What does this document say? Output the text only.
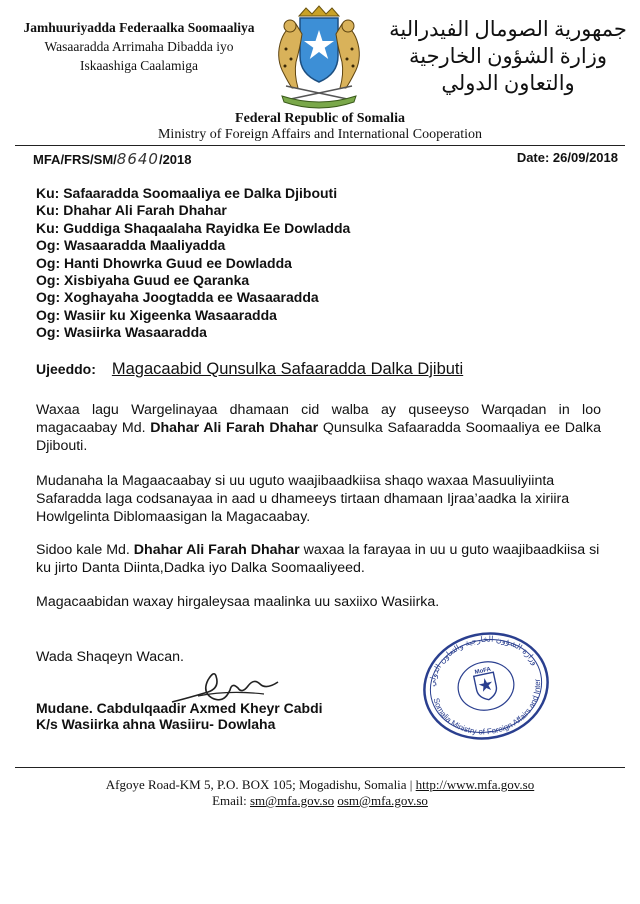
Jamhuuriyadda Federaalka Soomaaliya
Wasaaradda Arrimaha Dibadda iyo
Iskaashiga Caalamiga
جمهورية الصومال الفيدرالية
وزارة الشؤون الخارجية
والتعاون الدولي
Federal Republic of Somalia
Ministry of Foreign Affairs and International Cooperation
MFA/FRS/SM/8640/2018	Date: 26/09/2018
Ku: Safaaradda Soomaaliya ee Dalka Djibouti
Ku: Dhahar Ali Farah Dhahar
Ku: Guddiga Shaqaalaha Rayidka Ee Dowladda
Og: Wasaaradda Maaliyadda
Og: Hanti Dhowrka Guud ee Dowladda
Og: Xisbiyaha Guud ee Qaranka
Og: Xoghayaha Joogtadda ee Wasaaradda
Og: Wasiir ku Xigeenka Wasaaradda
Og: Wasiirka Wasaaradda
Ujeeddo: Magacaabid Qunsulka Safaaradda Dalka Djibuti
Waxaa lagu Wargelinayaa dhamaan cid walba ay quseeyso Warqadan in loo magacaabay Md. Dhahar Ali Farah Dhahar Qunsulka Safaaradda Soomaaliya ee Dalka Djibouti.
Mudanaha la Magaacaabay si uu uguto waajibaadkiisa shaqo waxaa Masuuliyiinta Safaradda laga codsanayaa in aad u dhameeys tirtaan dhamaan Ijraa’aadka la xiriira Howlgelinta Diblomaasigan la Magacaabay.
Sidoo kale Md. Dhahar Ali Farah Dhahar waxaa la farayaa in uu u guto waajibaadkiisa si ku jirto Danta Diinta,Dadka iyo Dalka Soomaaliyeed.
Magacaabidan waxay hirgaleysaa maalinka uu saxiixo Wasiirka.
Wada Shaqeyn Wacan.
Mudane. Cabdulqaadir Axmed Kheyr Cabdi
K/s Wasiirka ahna Wasiiru- Dowlaha
MoFA
وزارة الشؤون الخارجية والتعاون الدولي
Somalia Ministry of Foreign Affairs and International
Afgoye Road-KM 5, P.O. BOX 105; Mogadishu, Somalia | http://www.mfa.gov.so
Email: sm@mfa.gov.so osm@mfa.gov.so
